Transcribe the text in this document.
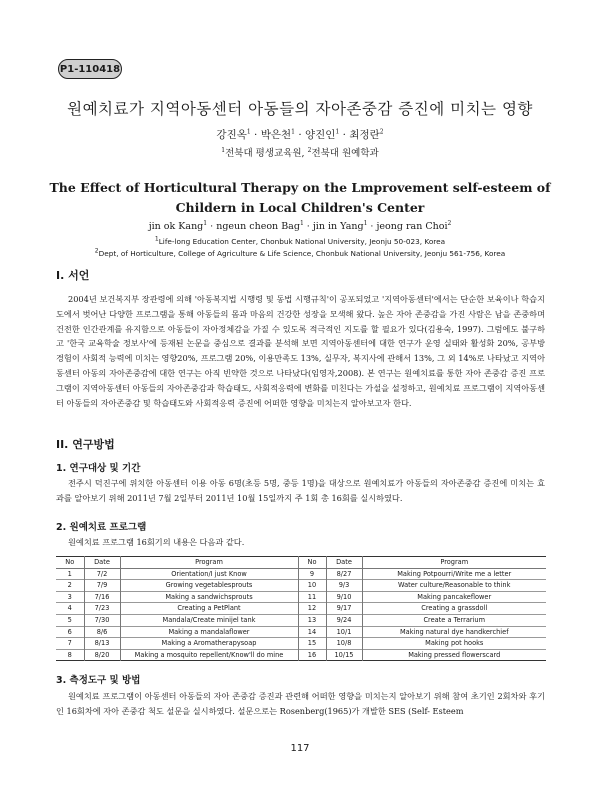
P1-110418
원예치료가 지역아동센터 아동들의 자아존중감 증진에 미치는 영향
강진옥$^1$ · 박은천$^1$ · 양진인$^1$ · 최정란$^2$
$^1$전북대 평생교육원, $^2$전북대 원예학과
The Effect of Horticultural Therapy on the Lmprovement self-esteem of
Childern in Local Children's Center
jin ok Kang$^1$ · ngeun cheon Bag$^1$ · jin in Yang$^1$ · jeong ran Choi$^2$
$^1$Life-long Education Center, Chonbuk National University, Jeonju 50-023, Korea
$^2$Dept, of Horticulture, College of Agriculture & Life Science, Chonbuk National University, Jeonju 561-756, Korea
I. 서언
2004년 보건복지부 장관령에 의해 '아동복지법 시행령 및 동법 시행규칙'이 공포되었고 '지역아동센터'에서는 단순한 보육이나 학습지도에서 벗어난 다양한 프로그램을 통해 아동들의 몸과 마음의 건강한 성장을 모색해 왔다. 높은 자아 존중감을 가진 사람은 남을 존중하며 건전한 인간관계를 유지함으로 아동들이 자아정체감을 가질 수 있도록 적극적인 지도를 할 필요가 있다(김용숙, 1997). 그럼에도 불구하고 '한국 교육학술 정보사'에 등재된 논문을 중심으로 결과를 분석해 보면 지역아동센터에 대한 연구가 운영 실태와 활성화 20%, 공부방 경험이 사회적 능력에 미치는 영향20%, 프로그램 20%, 이용만족도 13%, 실무자, 복지사에 관해서 13%, 그 외 14%로 나타났고 지역아동센터 아동의 자아존중감에 대한 연구는 아직 빈약한 것으로 나타났다(임영자,2008). 본 연구는 원예치료를 통한 자아 존중감 증진 프로그램이 지역아동센터 아동들의 자아존중감과 학습태도, 사회적응력에 변화를 미친다는 가설을 설정하고, 원예치료 프로그램이 지역아동센터 아동들의 자아존중감 및 학습태도와 사회적응력 증진에 어떠한 영향을 미치는지 알아보고자 한다.
II. 연구방법
1. 연구대상 및 기간
전주시 덕진구에 위치한 아동센터 이용 아동 6명(초등 5명, 중등 1명)을 대상으로 원예치료가 아동들의 자아존중감 증진에 미치는 효과를 알아보기 위해 2011년 7월 2일부터 2011년 10월 15일까지 주 1회 총 16회를 실시하였다.
2. 원예치료 프로그램
원예치료 프로그램 16회기의 내용은 다음과 같다.
No	Date	Program	No	Date	Program
1	7/2	Orientation/I just Know	9	8/27	Making Potpourri/Write me a letter
2	7/9	Growing vegetablesprouts	10	9/3	Water culture/Reasonable to think
3	7/16	Making a sandwichsprouts	11	9/10	Making pancakeflower
4	7/23	Creating a PetPlant	12	9/17	Creating a grassdoll
5	7/30	Mandala/Create minijel tank	13	9/24	Create a Terrarium
6	8/6	Making a mandalaflower	14	10/1	Making natural dye handkerchief
7	8/13	Making a Aromatherapysoap	15	10/8	Making pot hooks
8	8/20	Making a mosquito repellent/Know'll do mine	16	10/15	Making pressed flowerscard
3. 측정도구 및 방법
원예치료 프로그램이 아동센터 아동들의 자아 존중감 증진과 관련해 어떠한 영향을 미치는지 알아보기 위해 참여 초기인 2회차와 후기인 16회차에 자아 존중감 척도 설문을 실시하였다. 설문으로는 Rosenberg(1965)가 개발한 SES (Self- Esteem
117
